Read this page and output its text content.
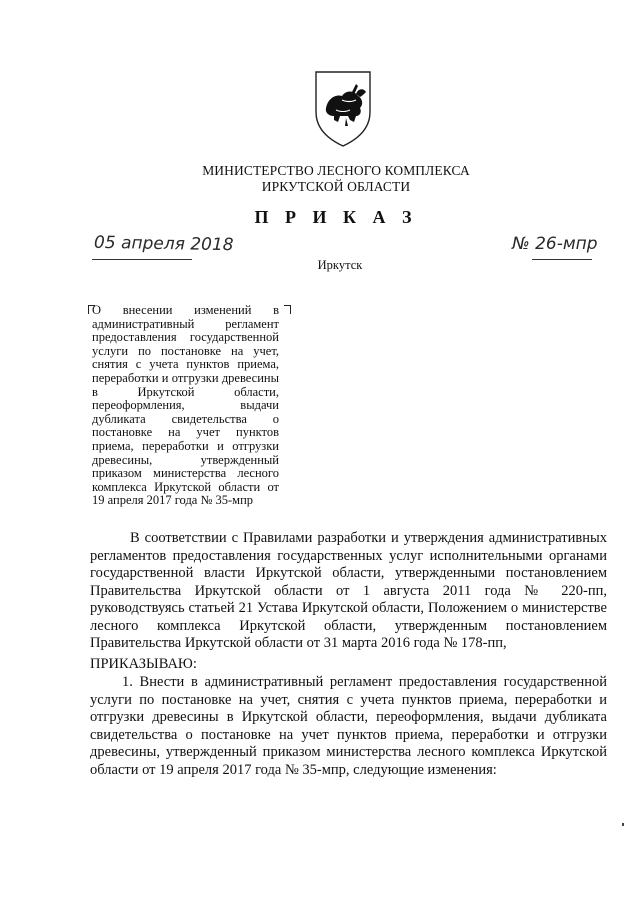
МИНИСТЕРСТВО ЛЕСНОГО КОМПЛЕКСА
ИРКУТСКОЙ ОБЛАСТИ
П Р И К А З
05 апреля 2018
Иркутск
№ 26-мпр
О внесении изменений в административный регламент предоставления государственной услуги по постановке на учет, снятия с учета пунктов приема, переработки и отгрузки древесины в Иркутской области, переоформления, выдачи дубликата свидетельства о постановке на учет пунктов приема, переработки и отгрузки древесины, утвержденный приказом министерства лесного комплекса Иркутской области от 19 апреля 2017 года № 35-мпр
В соответствии с Правилами разработки и утверждения административных регламентов предоставления государственных услуг исполнительными органами государственной власти Иркутской области, утвержденными постановлением Правительства Иркутской области от 1 августа 2011 года № 220-пп, руководствуясь статьей 21 Устава Иркутской области, Положением о министерстве лесного комплекса Иркутской области, утвержденным постановлением Правительства Иркутской области от 31 марта 2016 года № 178-пп,
ПРИКАЗЫВАЮ:
1. Внести в административный регламент предоставления государственной услуги по постановке на учет, снятия с учета пунктов приема, переработки и отгрузки древесины в Иркутской области, переоформления, выдачи дубликата свидетельства о постановке на учет пунктов приема, переработки и отгрузки древесины, утвержденный приказом министерства лесного комплекса Иркутской области от 19 апреля 2017 года № 35-мпр, следующие изменения:
